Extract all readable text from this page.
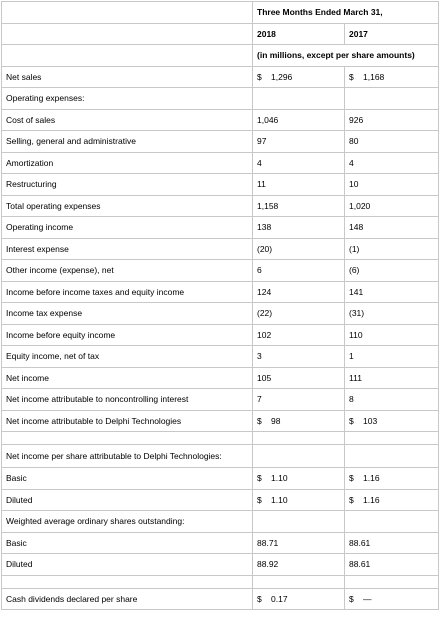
	Three Months Ended March 31,	
	2018	2017
	(in millions, except per share amounts)	
Net sales	$ 1,296	$ 1,168
Operating expenses:		
Cost of sales	1,046	926
Selling, general and administrative	97	80
Amortization	4	4
Restructuring	11	10
Total operating expenses	1,158	1,020
Operating income	138	148
Interest expense	(20)	(1)
Other income (expense), net	6	(6)
Income before income taxes and equity income	124	141
Income tax expense	(22)	(31)
Income before equity income	102	110
Equity income, net of tax	3	1
Net income	105	111
Net income attributable to noncontrolling interest	7	8
Net income attributable to Delphi Technologies	$ 98	$ 103

Net income per share attributable to Delphi Technologies:		
Basic	$ 1.10	$ 1.16
Diluted	$ 1.10	$ 1.16
Weighted average ordinary shares outstanding:		
Basic	88.71	88.61
Diluted	88.92	88.61

Cash dividends declared per share	$ 0.17	$ —
